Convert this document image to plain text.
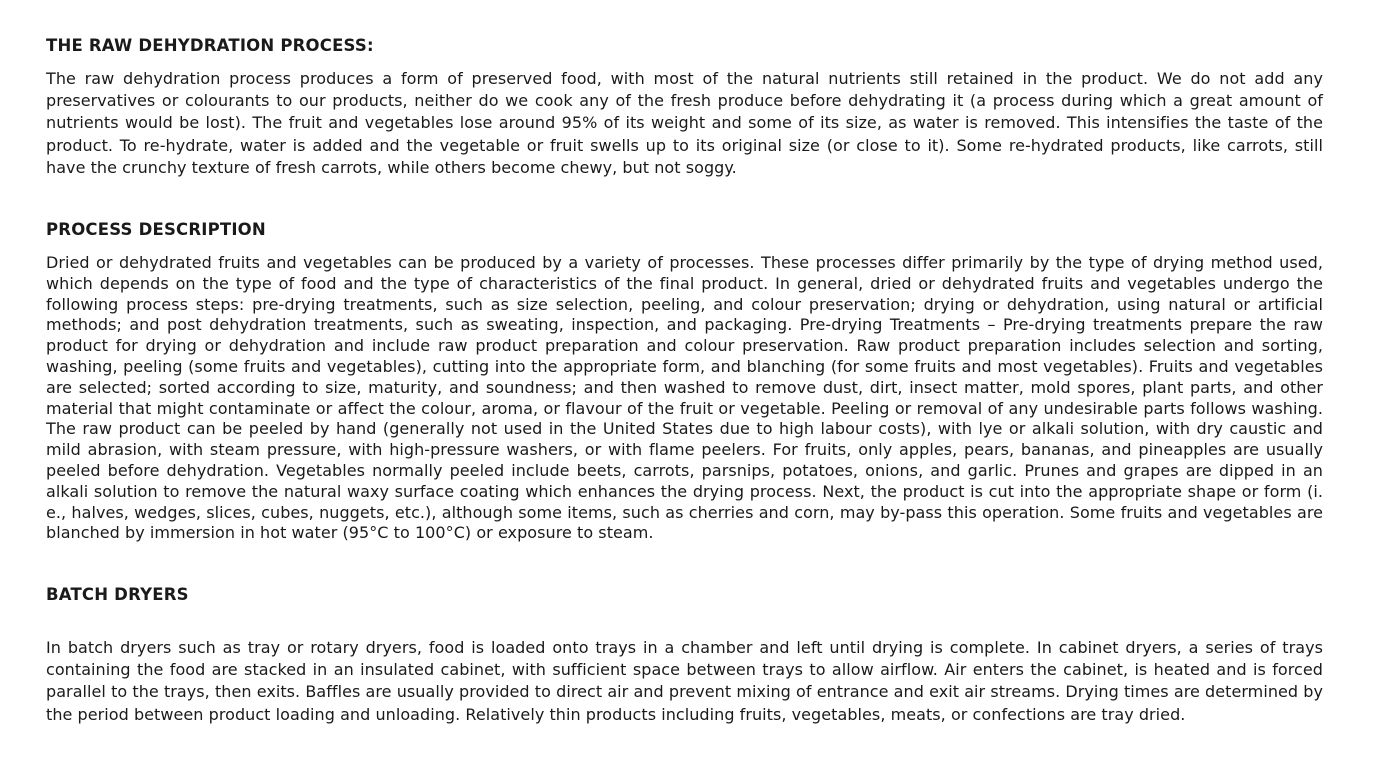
THE RAW DEHYDRATION PROCESS:

The raw dehydration process produces a form of preserved food, with most of the natural nutrients still retained in the product. We do not add any preservatives or colourants to our products, neither do we cook any of the fresh produce before dehydrating it (a process during which a great amount of nutrients would be lost). The fruit and vegetables lose around 95% of its weight and some of its size, as water is removed. This intensifies the taste of the product. To re-hydrate, water is added and the vegetable or fruit swells up to its original size (or close to it). Some re-hydrated products, like carrots, still have the crunchy texture of fresh carrots, while others become chewy, but not soggy.

PROCESS DESCRIPTION

Dried or dehydrated fruits and vegetables can be produced by a variety of processes. These processes differ primarily by the type of drying method used, which depends on the type of food and the type of characteristics of the final product. In general, dried or dehydrated fruits and vegetables undergo the following process steps: pre-drying treatments, such as size selection, peeling, and colour preservation; drying or dehydration, using natural or artificial methods; and post dehydration treatments, such as sweating, inspection, and packaging. Pre-drying Treatments – Pre-drying treatments prepare the raw product for drying or dehydration and include raw product preparation and colour preservation. Raw product preparation includes selection and sorting, washing, peeling (some fruits and vegetables), cutting into the appropriate form, and blanching (for some fruits and most vegetables). Fruits and vegetables are selected; sorted according to size, maturity, and soundness; and then washed to remove dust, dirt, insect matter, mold spores, plant parts, and other material that might contaminate or affect the colour, aroma, or flavour of the fruit or vegetable. Peeling or removal of any undesirable parts follows washing. The raw product can be peeled by hand (generally not used in the United States due to high labour costs), with lye or alkali solution, with dry caustic and mild abrasion, with steam pressure, with high-pressure washers, or with flame peelers. For fruits, only apples, pears, bananas, and pineapples are usually peeled before dehydration. Vegetables normally peeled include beets, carrots, parsnips, potatoes, onions, and garlic. Prunes and grapes are dipped in an alkali solution to remove the natural waxy surface coating which enhances the drying process. Next, the product is cut into the appropriate shape or form (i. e., halves, wedges, slices, cubes, nuggets, etc.), although some items, such as cherries and corn, may by-pass this operation. Some fruits and vegetables are blanched by immersion in hot water (95°C to 100°C) or exposure to steam.

BATCH DRYERS

In batch dryers such as tray or rotary dryers, food is loaded onto trays in a chamber and left until drying is complete. In cabinet dryers, a series of trays containing the food are stacked in an insulated cabinet, with sufficient space between trays to allow airflow. Air enters the cabinet, is heated and is forced parallel to the trays, then exits. Baffles are usually provided to direct air and prevent mixing of entrance and exit air streams. Drying times are determined by the period between product loading and unloading. Relatively thin products including fruits, vegetables, meats, or confections are tray dried.
